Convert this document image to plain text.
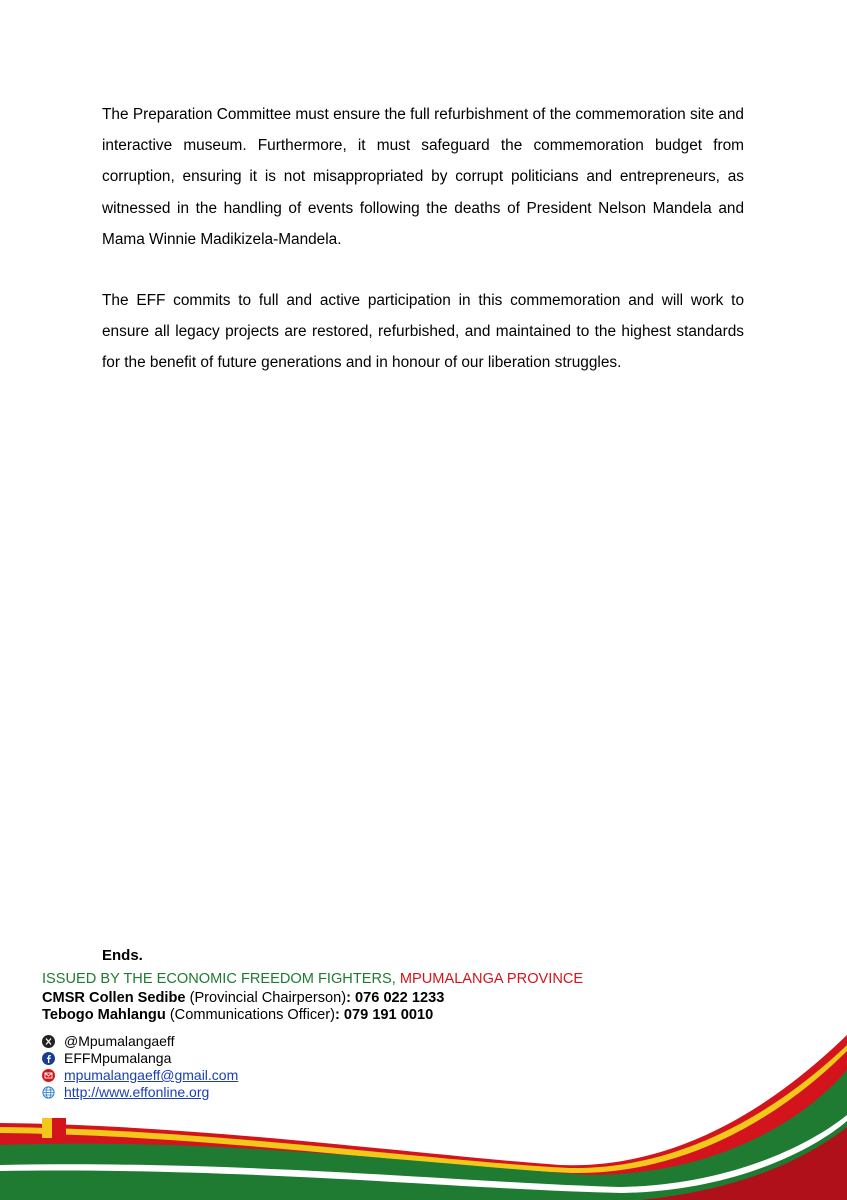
The Preparation Committee must ensure the full refurbishment of the commemoration site and interactive museum. Furthermore, it must safeguard the commemoration budget from corruption, ensuring it is not misappropriated by corrupt politicians and entrepreneurs, as witnessed in the handling of events following the deaths of President Nelson Mandela and Mama Winnie Madikizela-Mandela.
The EFF commits to full and active participation in this commemoration and will work to ensure all legacy projects are restored, refurbished, and maintained to the highest standards for the benefit of future generations and in honour of our liberation struggles.
Ends.
ISSUED BY THE ECONOMIC FREEDOM FIGHTERS, MPUMALANGA PROVINCE
CMSR Collen Sedibe (Provincial Chairperson): 076 022 1233
Tebogo Mahlangu (Communications Officer): 079 191 0010
@Mpumalangaeff
EFFMpumalanga
mpumalangaeff@gmail.com
http://www.effonline.org
